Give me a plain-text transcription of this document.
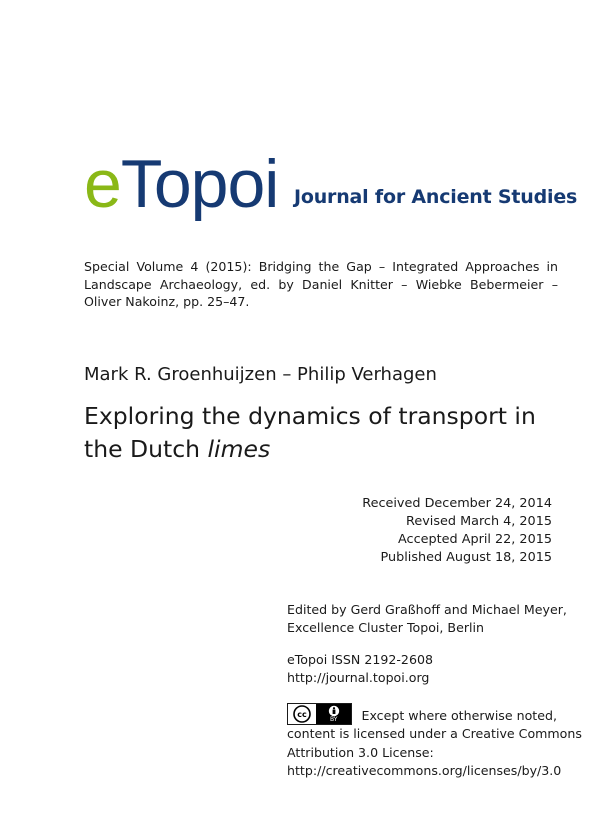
eTopoi Journal for Ancient Studies
Special Volume 4 (2015): Bridging the Gap – Integrated Approaches in Landscape Archaeology, ed. by Daniel Knitter – Wiebke Bebermeier – Oliver Nakoinz, pp. 25–47.
Mark R. Groenhuijzen – Philip Verhagen
Exploring the dynamics of transport in the Dutch limes
Received December 24, 2014
Revised March 4, 2015
Accepted April 22, 2015
Published August 18, 2015
Edited by Gerd Graßhoff and Michael Meyer,
Excellence Cluster Topoi, Berlin
eTopoi ISSN 2192-2608
http://journal.topoi.org
cc
BY Except where otherwise noted,
content is licensed under a Creative Commons
Attribution 3.0 License:
http://creativecommons.org/licenses/by/3.0
